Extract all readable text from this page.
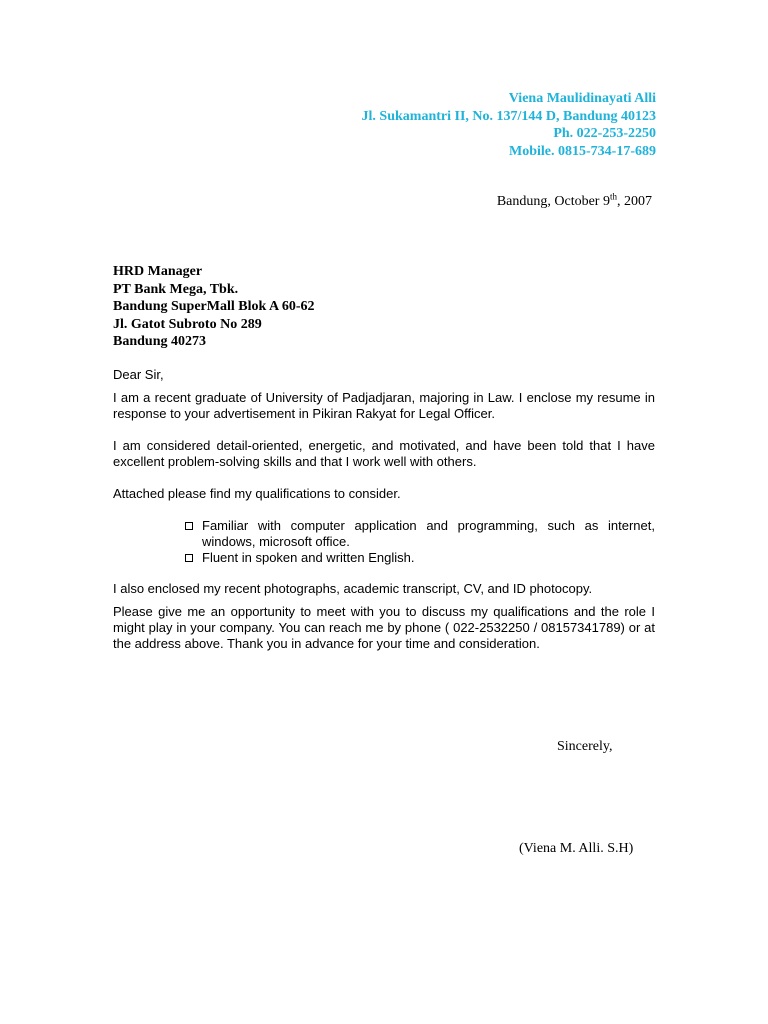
Viena Maulidinayati Alli
Jl. Sukamantri II, No. 137/144 D, Bandung 40123
Ph. 022-253-2250
Mobile. 0815-734-17-689
Bandung, October 9th, 2007
HRD Manager
PT Bank Mega, Tbk.
Bandung SuperMall Blok A 60-62
Jl. Gatot Subroto No 289
Bandung 40273
Dear Sir,
I am a recent graduate of University of Padjadjaran, majoring in Law. I enclose my resume in response to your advertisement in Pikiran Rakyat for Legal Officer.
I am considered detail-oriented, energetic, and motivated, and have been told that I have excellent problem-solving skills and that I work well with others.
Attached please find my qualifications to consider.
Familiar with computer application and programming, such as internet, windows, microsoft office.
Fluent in spoken and written English.
I also enclosed my recent photographs, academic transcript, CV, and ID photocopy.
Please give me an opportunity to meet with you to discuss my qualifications and the role I might play in your company. You can reach me by phone ( 022-2532250 / 08157341789) or at the address above. Thank you in advance for your time and consideration.
Sincerely,
(Viena M. Alli. S.H)
